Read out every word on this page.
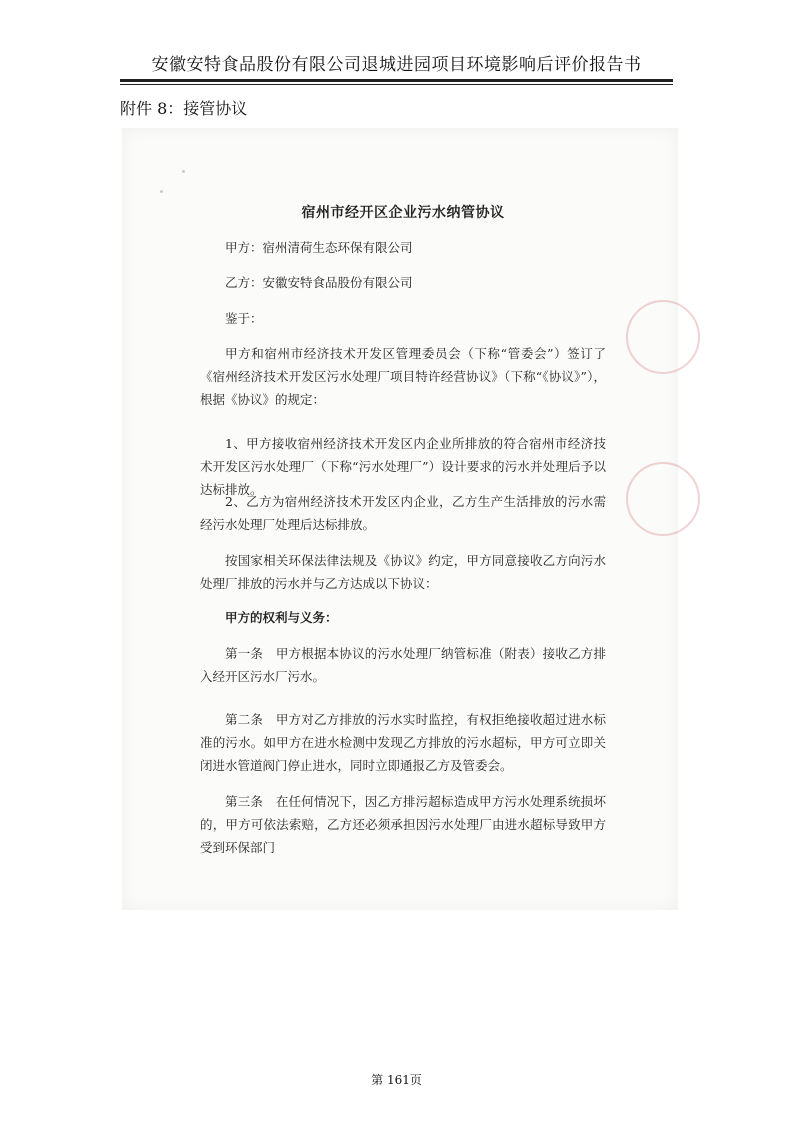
安徽安特食品股份有限公司退城进园项目环境影响后评价报告书
附件 8：接管协议
宿州市经开区企业污水纳管协议

甲方：宿州清荷生态环保有限公司

乙方：安徽安特食品股份有限公司

鉴于：

甲方和宿州市经济技术开发区管理委员会（下称“管委会”）签订了《宿州经济技术开发区污水处理厂项目特许经营协议》（下称“《协议》”），根据《协议》的规定：

1、甲方接收宿州经济技术开发区内企业所排放的符合宿州市经济技术开发区污水处理厂（下称“污水处理厂”）设计要求的污水并处理后予以达标排放。

2、乙方为宿州经济技术开发区内企业，乙方生产生活排放的污水需经污水处理厂处理后达标排放。

按国家相关环保法律法规及《协议》约定，甲方同意接收乙方向污水处理厂排放的污水并与乙方达成以下协议：

甲方的权利与义务：

第一条　甲方根据本协议的污水处理厂纳管标准（附表）接收乙方排入经开区污水厂污水。

第二条　甲方对乙方排放的污水实时监控，有权拒绝接收超过进水标准的污水。如甲方在进水检测中发现乙方排放的污水超标，甲方可立即关闭进水管道阀门停止进水，同时立即通报乙方及管委会。

第三条　在任何情况下，因乙方排污超标造成甲方污水处理系统损坏的，甲方可依法索赔，乙方还必须承担因污水处理厂由进水超标导致甲方受到环保部门

第 161页
